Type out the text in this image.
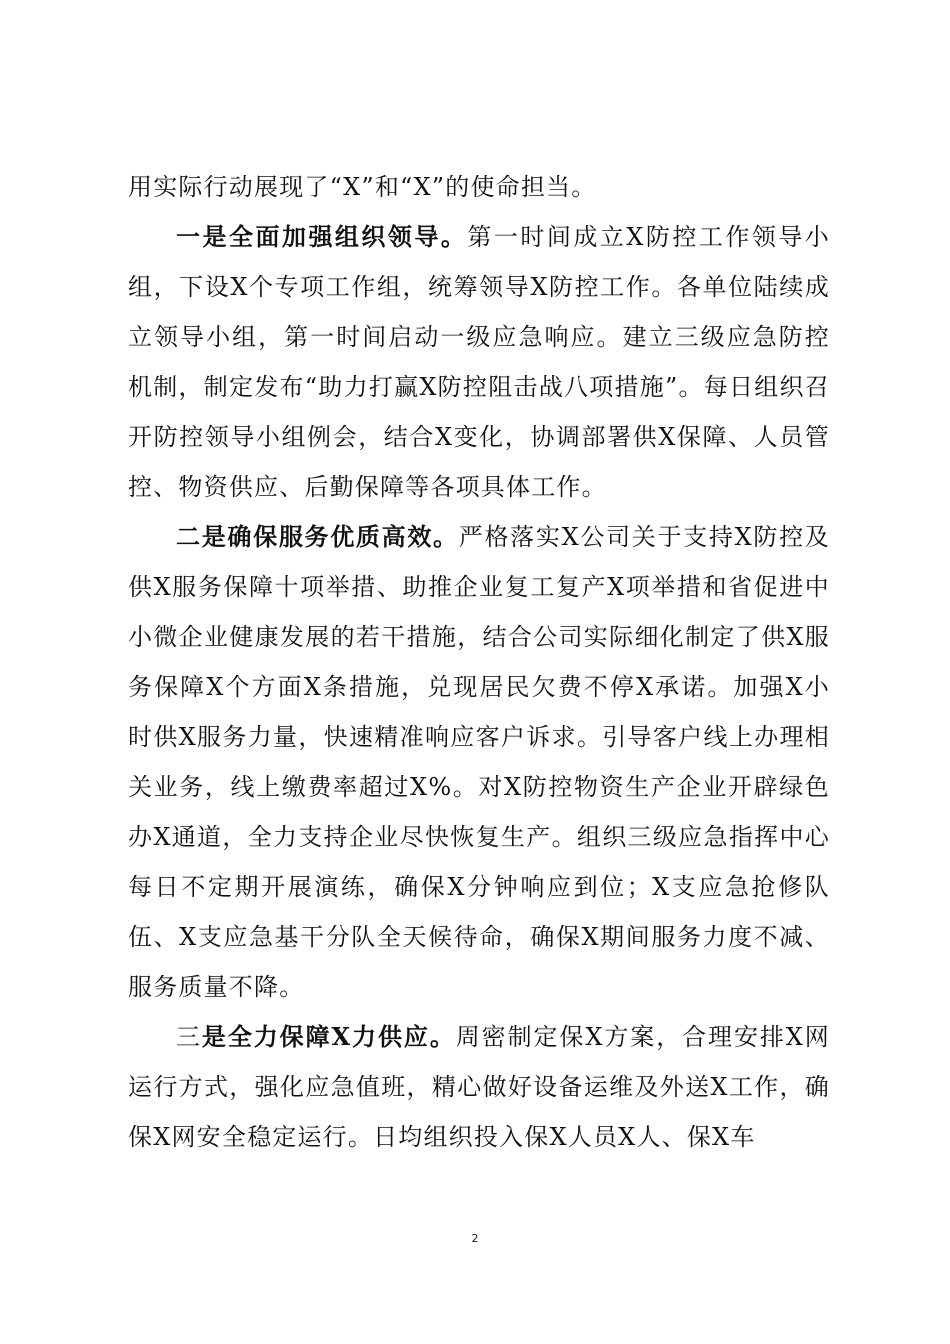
用实际行动展现了“X”和“X”的使命担当。

一是全面加强组织领导。第一时间成立X防控工作领导小组，下设X个专项工作组，统筹领导X防控工作。各单位陆续成立领导小组，第一时间启动一级应急响应。建立三级应急防控机制，制定发布“助力打赢X防控阻击战八项措施”。每日组织召开防控领导小组例会，结合X变化，协调部署供X保障、人员管控、物资供应、后勤保障等各项具体工作。

二是确保服务优质高效。严格落实X公司关于支持X防控及供X服务保障十项举措、助推企业复工复产X项举措和省促进中小微企业健康发展的若干措施，结合公司实际细化制定了供X服务保障X个方面X条措施，兑现居民欠费不停X承诺。加强X小时供X服务力量，快速精准响应客户诉求。引导客户线上办理相关业务，线上缴费率超过X%。对X防控物资生产企业开辟绿色办X通道，全力支持企业尽快恢复生产。组织三级应急指挥中心每日不定期开展演练，确保X分钟响应到位；X支应急抢修队伍、X支应急基干分队全天候待命，确保X期间服务力度不减、服务质量不降。

三是全力保障X力供应。周密制定保X方案，合理安排X网运行方式，强化应急值班，精心做好设备运维及外送X工作，确保X网安全稳定运行。日均组织投入保X人员X人、保X车

2
